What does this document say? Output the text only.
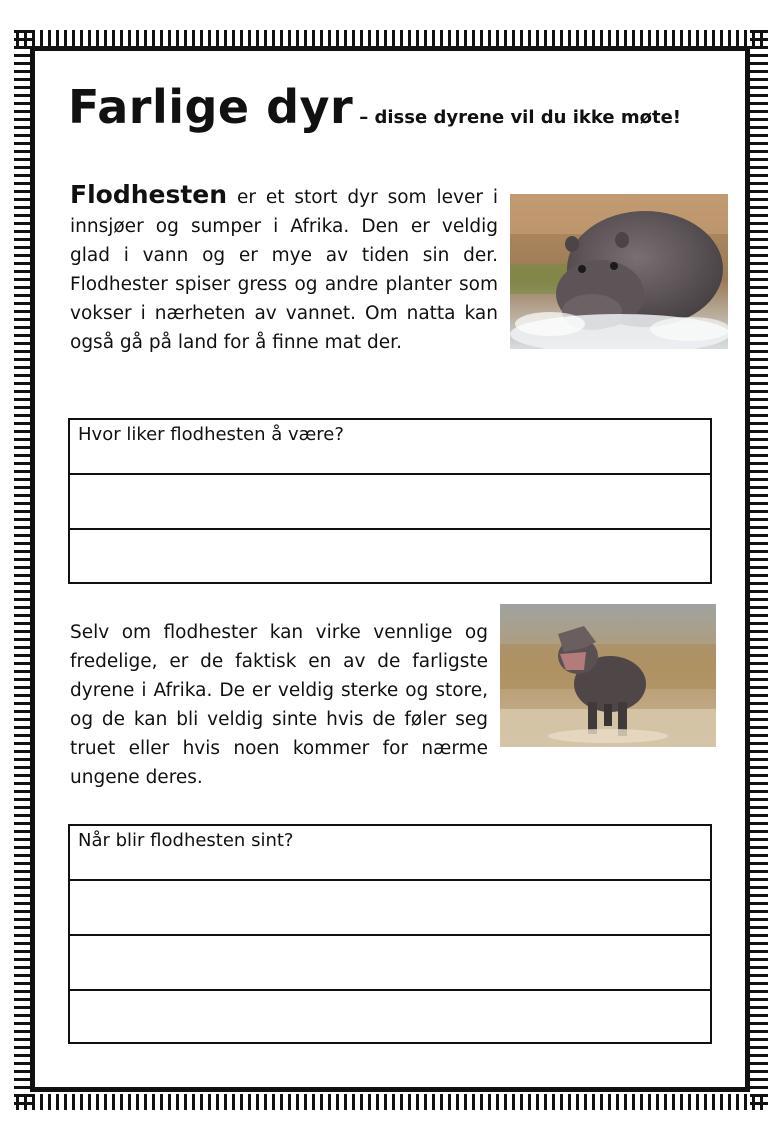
Farlige dyr – disse dyrene vil du ikke møte!

Flodhesten er et stort dyr som lever i innsjøer og sumper i Afrika. Den er veldig glad i vann og er mye av tiden sin der. Flodhester spiser gress og andre planter som vokser i nærheten av vannet. Om natta kan også gå på land for å finne mat der.

Hvor liker flodhesten å være?

Selv om flodhester kan virke vennlige og fredelige, er de faktisk en av de farligste dyrene i Afrika. De er veldig sterke og store, og de kan bli veldig sinte hvis de føler seg truet eller hvis noen kommer for nærme ungene deres.

Når blir flodhesten sint?
